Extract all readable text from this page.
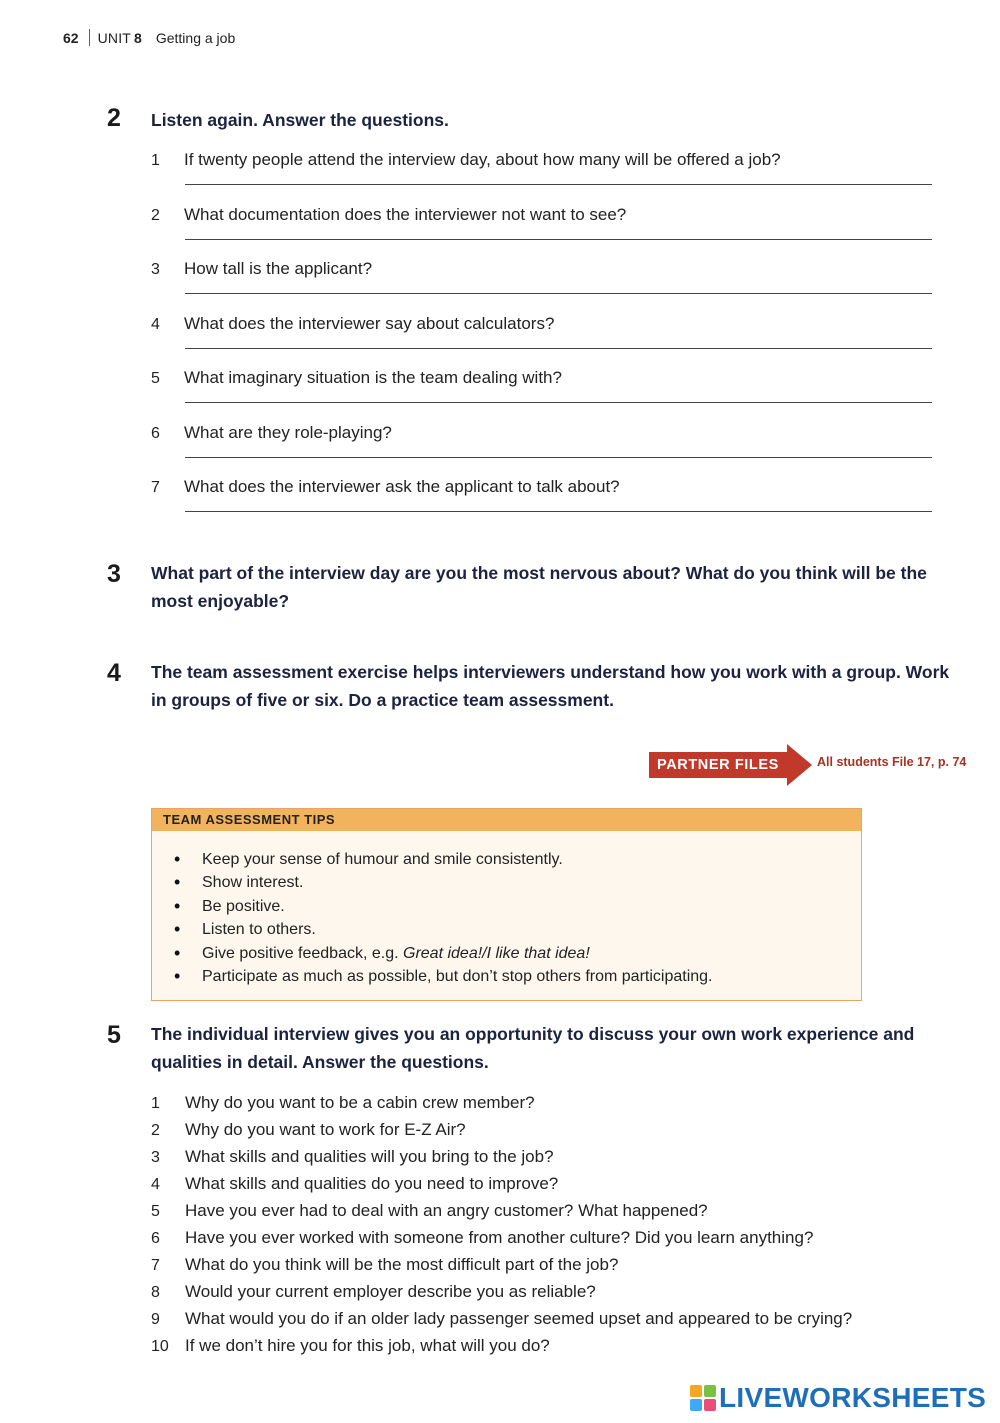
62 UNIT 8 Getting a job
2 Listen again. Answer the questions.
1 If twenty people attend the interview day, about how many will be offered a job?
2 What documentation does the interviewer not want to see?
3 How tall is the applicant?
4 What does the interviewer say about calculators?
5 What imaginary situation is the team dealing with?
6 What are they role-playing?
7 What does the interviewer ask the applicant to talk about?
3 What part of the interview day are you the most nervous about? What do you think will be the
most enjoyable?
4 The team assessment exercise helps interviewers understand how you work with a group. Work
in groups of five or six. Do a practice team assessment.
PARTNER FILES	All students File 17, p. 74
TEAM ASSESSMENT TIPS
• Keep your sense of humour and smile consistently.
• Show interest.
• Be positive.
• Listen to others.
• Give positive feedback, e.g. Great idea!/I like that idea!
• Participate as much as possible, but don’t stop others from participating.
5 The individual interview gives you an opportunity to discuss your own work experience and
qualities in detail. Answer the questions.
1 Why do you want to be a cabin crew member?
2 Why do you want to work for E-Z Air?
3 What skills and qualities will you bring to the job?
4 What skills and qualities do you need to improve?
5 Have you ever had to deal with an angry customer? What happened?
6 Have you ever worked with someone from another culture? Did you learn anything?
7 What do you think will be the most difficult part of the job?
8 Would your current employer describe you as reliable?
9 What would you do if an older lady passenger seemed upset and appeared to be crying?
10 If we don’t hire you for this job, what will you do?
LIVEWORKSHEETS
